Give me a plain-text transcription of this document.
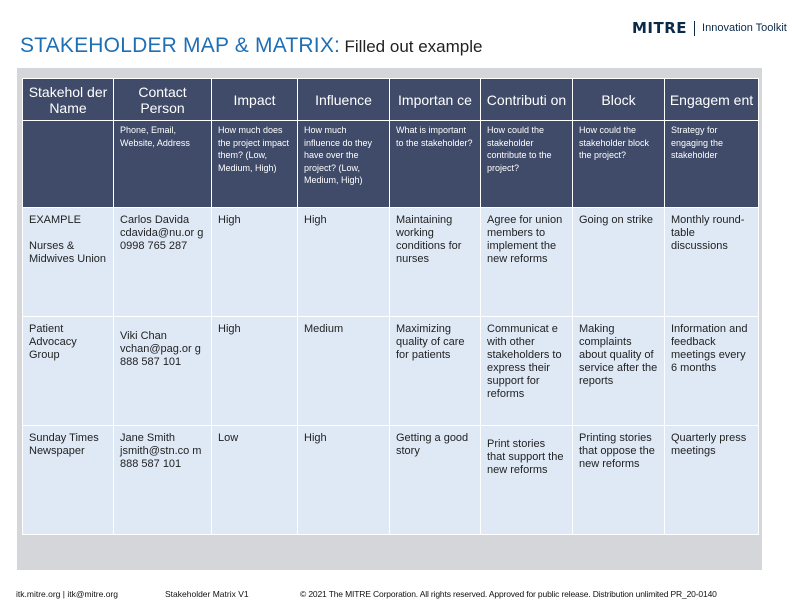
STAKEHOLDER MAP & MATRIX: Filled out example
MITRE Innovation Toolkit
Stakehol der Name	Contact Person	Impact	Influence	Importan ce	Contributi on	Block	Engagem ent
	Phone, Email, Website, Address	How much does the project impact them? (Low, Medium, High)	How much influence do they have over the project? (Low, Medium, High)	What is important to the stakeholder?	How could the stakeholder contribute to the project?	How could the stakeholder block the project?	Strategy for engaging the stakeholder

EXAMPLE
Nurses & Midwives Union	Carlos Davida cdavida@nu.or g 0998 765 287	High	High	Maintaining working conditions for nurses	Agree for union members to implement the new reforms	Going on strike	Monthly round-table discussions

Patient Advocacy Group	Viki Chan vchan@pag.or g 888 587 101	High	Medium	Maximizing quality of care for patients	Communicat e with other stakeholders to express their support for reforms	Making complaints about quality of service after the reports	Information and feedback meetings every 6 months

Sunday Times Newspaper	Jane Smith jsmith@stn.co m 888 587 101	Low	High	Getting a good story	Print stories that support the new reforms	Printing stories that oppose the new reforms	Quarterly press meetings
itk.mitre.org | itk@mitre.org	Stakeholder Matrix V1	© 2021 The MITRE Corporation. All rights reserved. Approved for public release. Distribution unlimited PR_20-0140
